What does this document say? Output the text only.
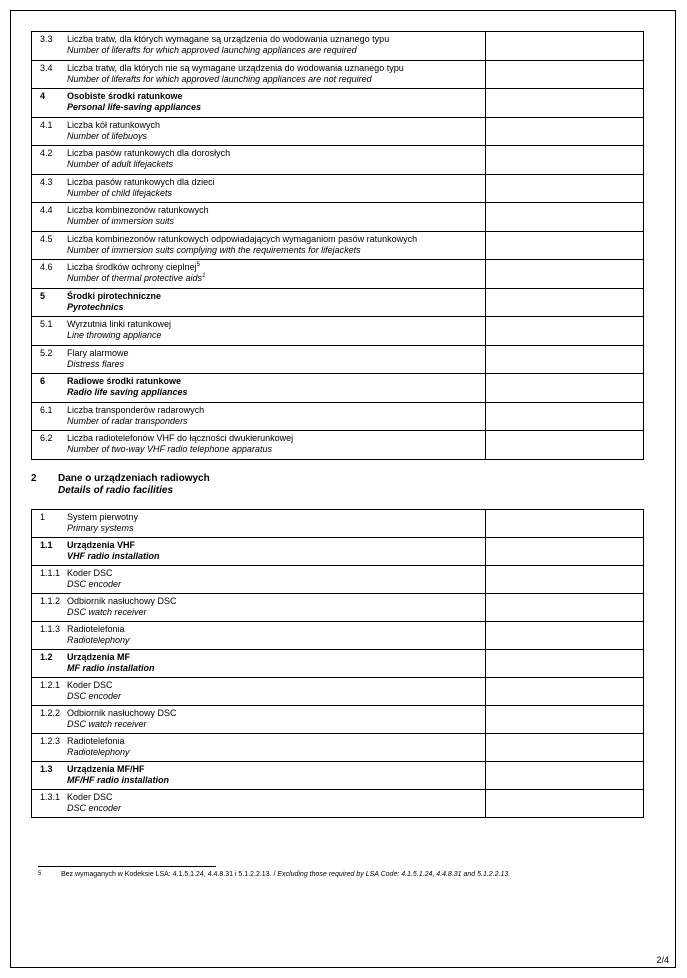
3.3 Liczba tratw, dla których wymagane są urządzenia do wodowania uznanego typu
Number of liferafts for which approved launching appliances are required	

3.4 Liczba tratw, dla których nie są wymagane urządzenia do wodowania uznanego typu
Number of liferafts for which approved launching appliances are not required	

4 Osobiste środki ratunkowe
Personal life-saving appliances	

4.1 Liczba kół ratunkowych
Number of lifebuoys	

4.2 Liczba pasów ratunkowych dla dorosłych
Number of adult lifejackets	

4.3 Liczba pasów ratunkowych dla dzieci
Number of child lifejackets	

4.4 Liczba kombinezonów ratunkowych
Number of immersion suits	

4.5 Liczba kombinezonów ratunkowych odpowiadających wymaganiom pasów ratunkowych
Number of immersion suits complying with the requirements for lifejackets	

4.6 Liczba środków ochrony cieplnej$^5$
Number of thermal protective aids$^1$

5 Środki pirotechniczne
Pyrotechnics	

5.1 Wyrzutnia linki ratunkowej
Line throwing appliance	

5.2 Flary alarmowe
Distress flares	

6 Radiowe środki ratunkowe
Radio life saving appliances	

6.1 Liczba transponderów radarowych
Number of radar transponders	

6.2 Liczba radiotelefonów VHF do łączności dwukierunkowej
Number of two-way VHF radio telephone apparatus	

2	Dane o urządzeniach radiowych
Details of radio facilities
1 System pierwotny
Primary systems	

1.1 Urządzenia VHF
VHF radio installation	

1.1.1 Koder DSC
DSC encoder	

1.1.2 Odbiornik nasłuchowy DSC
DSC watch receiver	

1.1.3 Radiotelefonia
Radiotelephony	

1.2 Urządzenia MF
MF radio installation	

1.2.1 Koder DSC
DSC encoder	

1.2.2 Odbiornik nasłuchowy DSC
DSC watch receiver	

1.2.3 Radiotelefonia
Radiotelephony	

1.3 Urządzenia MF/HF
MF/HF radio installation	

1.3.1 Koder DSC
DSC encoder	

5	Bez wymaganych w Kodeksie LSA: 4.1.5.1.24, 4.4.8.31 i 5.1.2.2.13. / Excluding those required by LSA Code: 4.1.5.1.24, 4.4.8.31 and 5.1.2.2.13.
2/4
